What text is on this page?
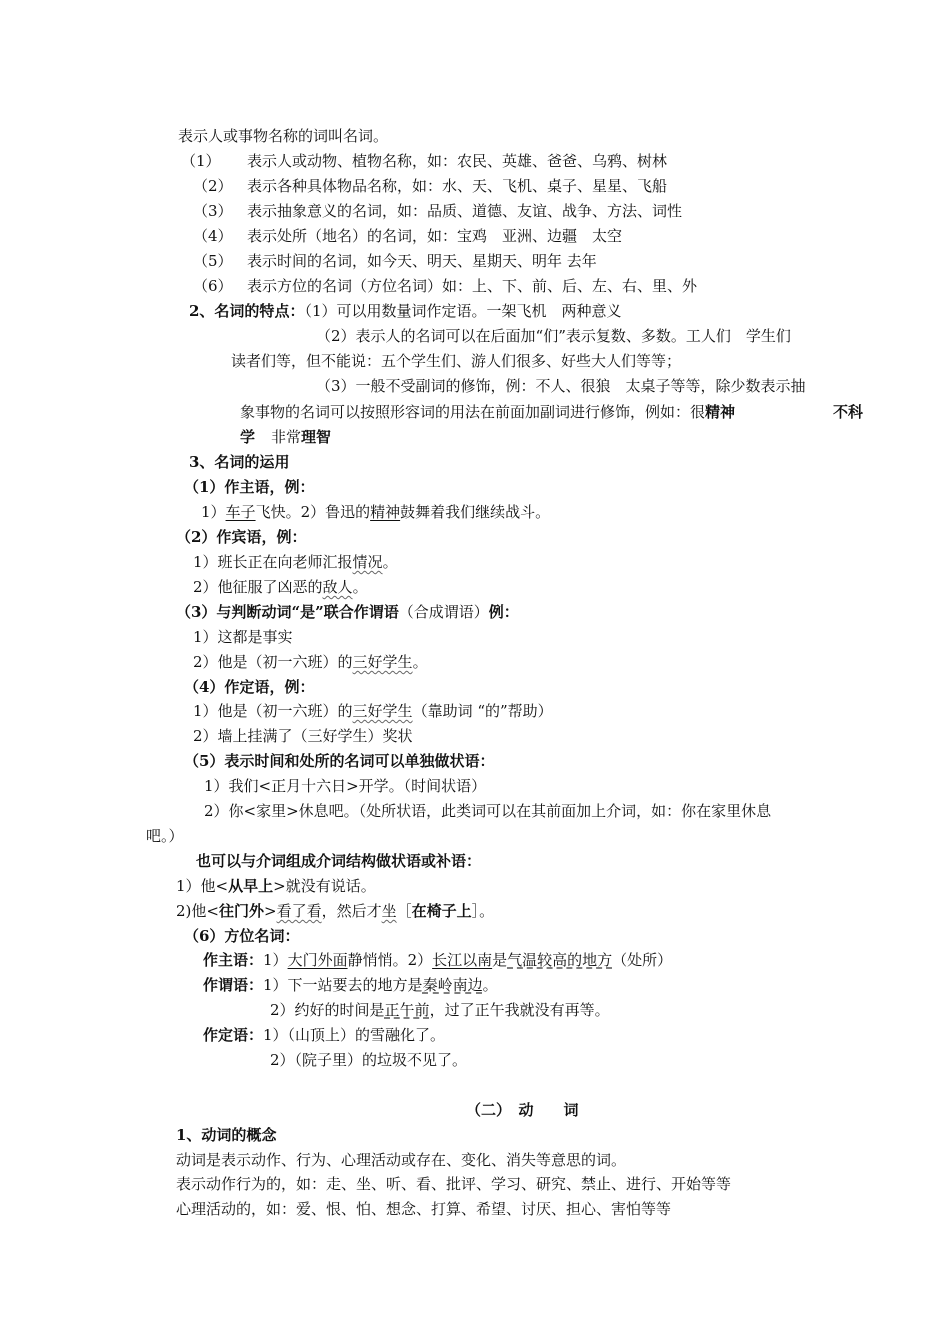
表示人或事物名称的词叫名词。
（1） 表示人或动物、植物名称，如：农民、英雄、爸爸、乌鸦、树林
（2） 表示各种具体物品名称，如：水、天、飞机、桌子、星星、飞船
（3） 表示抽象意义的名词，如：品质、道德、友谊、战争、方法、词性
（4） 表示处所（地名）的名词，如：宝鸡　亚洲、边疆　太空
（5） 表示时间的名词，如今天、明天、星期天、明年 去年
（6） 表示方位的名词（方位名词）如：上、下、前、后、左、右、里、外
2、名词的特点：（1）可以用数量词作定语。一架飞机　两种意义
（2）表示人的名词可以在后面加“们”表示复数、多数。工人们　学生们
读者们等，但不能说：五个学生们、游人们很多、好些大人们等等；
（3）一般不受副词的修饰，例：不人、很狼　太桌子等等，除少数表示抽
象事物的名词可以按照形容词的用法在前面加副词进行修饰，例如：很精神	不科
学 非常理智
3、名词的运用
（1）作主语，例：
1）车子飞快。2）鲁迅的精神鼓舞着我们继续战斗。
（2）作宾语，例：
1）班长正在向老师汇报情况。
2）他征服了凶恶的敌人。
（3）与判断动词“是”联合作谓语（合成谓语）例：
1）这都是事实
2）他是（初一六班）的三好学生。
（4）作定语，例：
1）他是（初一六班）的三好学生（靠助词 “的”帮助）
2）墙上挂满了（三好学生）奖状
（5）表示时间和处所的名词可以单独做状语：
1）我们<正月十六日>开学。（时间状语）
2）你<家里>休息吧。（处所状语，此类词可以在其前面加上介词，如：你在家里休息
吧。）
也可以与介词组成介词结构做状语或补语：
1）他<从早上>就没有说话。
2)他<往门外>看了看，然后才坐［在椅子上］。
（6）方位名词：
作主语：1）大门外面静悄悄。2）长江以南是气温较高的地方（处所）
作谓语：1）下一站要去的地方是秦岭南边。
2）约好的时间是正午前，过了正午我就没有再等。
作定语：1）（山顶上）的雪融化了。
2）（院子里）的垃圾不见了。
（二）　动　　词
1、动词的概念
动词是表示动作、行为、心理活动或存在、变化、消失等意思的词。
表示动作行为的，如：走、坐、听、看、批评、学习、研究、禁止、进行、开始等等
心理活动的，如：爱、恨、怕、想念、打算、希望、讨厌、担心、害怕等等
